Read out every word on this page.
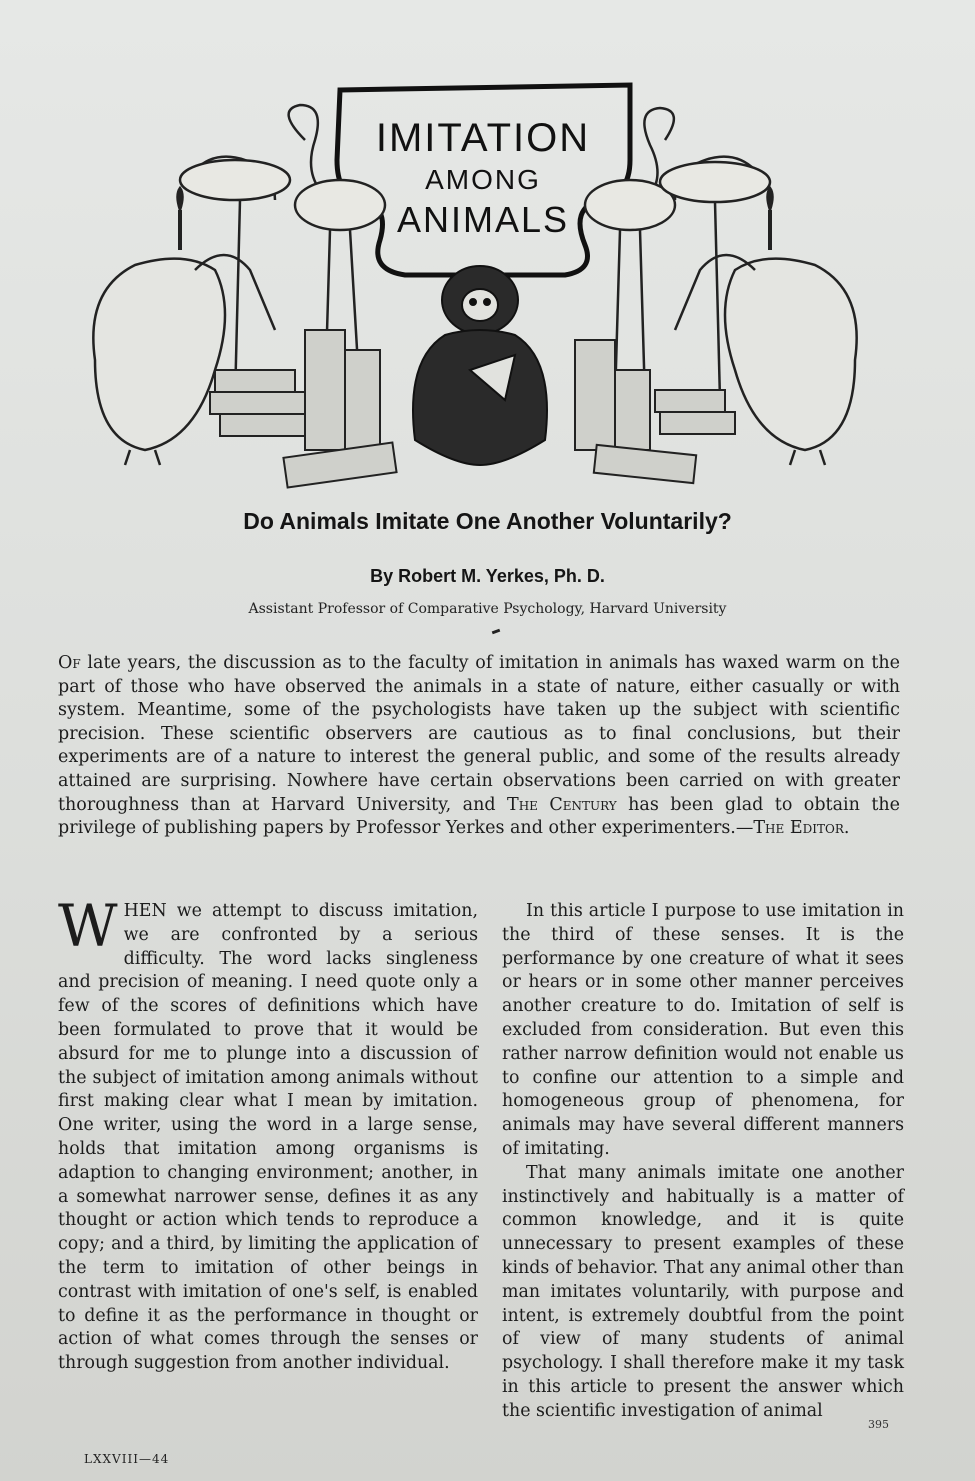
IMITATION
AMONG
ANIMALS
Do Animals Imitate One Another Voluntarily?
By Robert M. Yerkes, Ph. D.
Assistant Professor of Comparative Psychology, Harvard University
Of late years, the discussion as to the faculty of imitation in animals has waxed warm on the part of those who have observed the animals in a state of nature, either casually or with system. Meantime, some of the psychologists have taken up the subject with scientific precision. These scientific observers are cautious as to final conclusions, but their experiments are of a nature to interest the general public, and some of the results already attained are surprising. Nowhere have certain observations been carried on with greater thoroughness than at Harvard University, and The Century has been glad to obtain the privilege of publishing papers by Professor Yerkes and other experimenters.—The Editor.

WHEN we attempt to discuss imitation, we are confronted by a serious difficulty. The word lacks singleness and precision of meaning. I need quote only a few of the scores of definitions which have been formulated to prove that it would be absurd for me to plunge into a discussion of the subject of imitation among animals without first making clear what I mean by imitation. One writer, using the word in a large sense, holds that imitation among organisms is adaption to changing environment; another, in a somewhat narrower sense, defines it as any thought or action which tends to reproduce a copy; and a third, by limiting the application of the term to imitation of other beings in contrast with imitation of one's self, is enabled to define it as the performance in thought or action of what comes through the senses or through suggestion from another individual.

In this article I purpose to use imitation in the third of these senses. It is the performance by one creature of what it sees or hears or in some other manner perceives another creature to do. Imitation of self is excluded from consideration. But even this rather narrow definition would not enable us to confine our attention to a simple and homogeneous group of phenomena, for animals may have several different manners of imitating.

That many animals imitate one another instinctively and habitually is a matter of common knowledge, and it is quite unnecessary to present examples of these kinds of behavior. That any animal other than man imitates voluntarily, with purpose and intent, is extremely doubtful from the point of view of many students of animal psychology. I shall therefore make it my task in this article to present the answer which the scientific investigation of animal

LXXVIII—44
395
